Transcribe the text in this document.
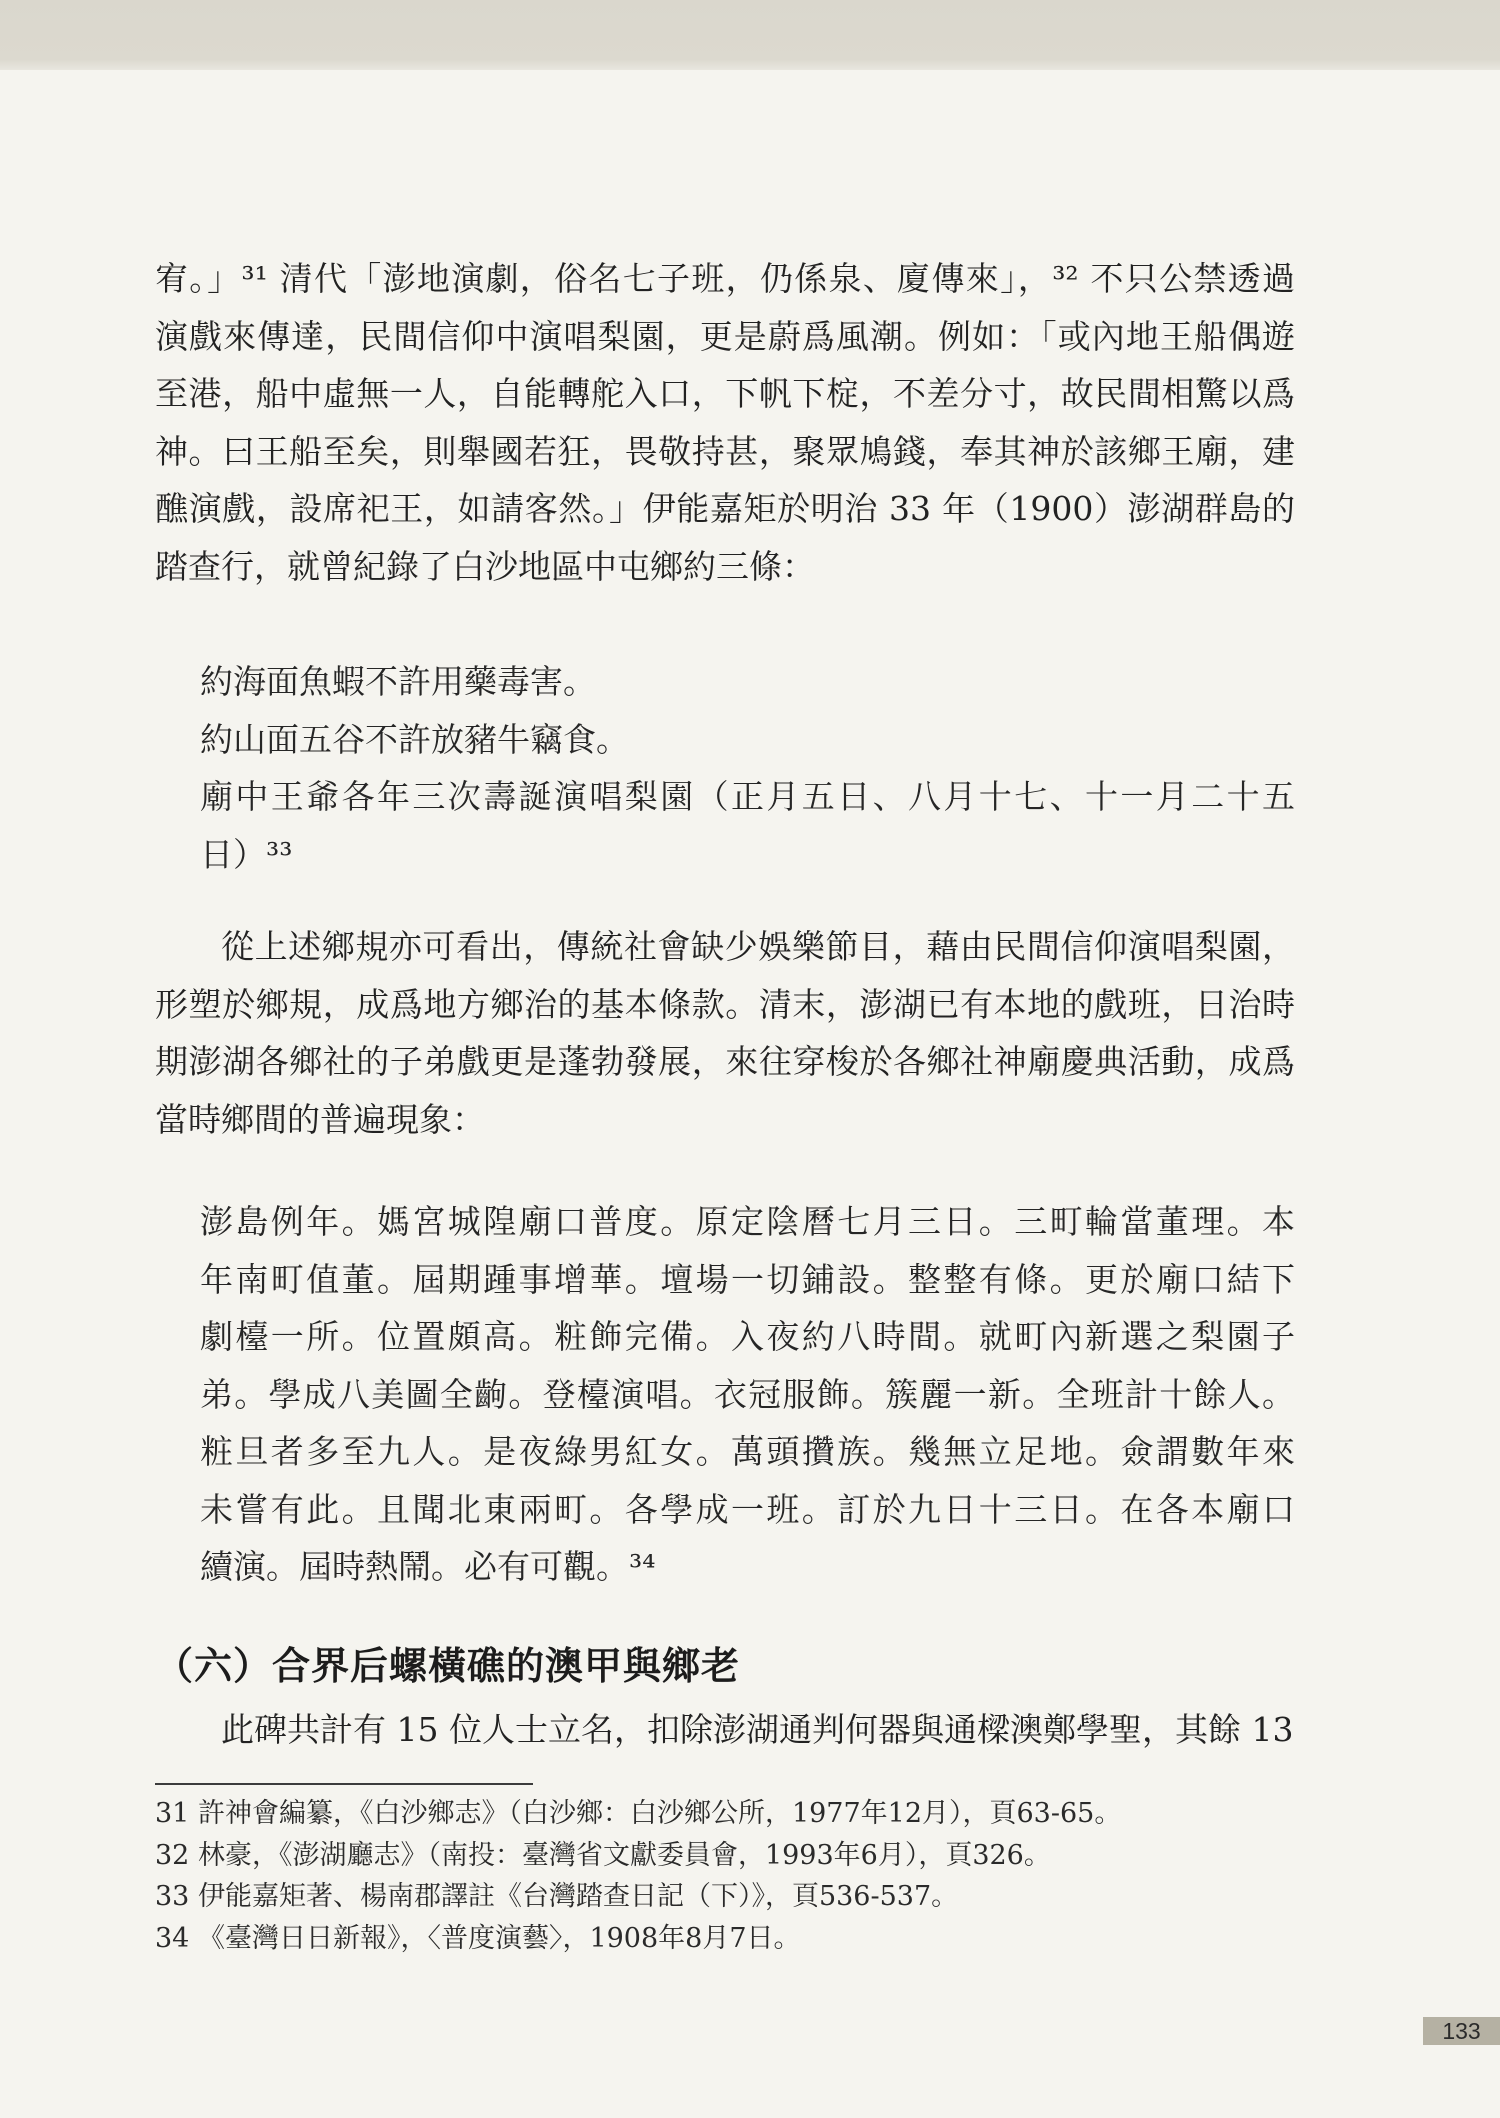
宥。」³¹ 清代「澎地演劇，俗名七子班，仍係泉、廈傳來」，³² 不只公禁透過
演戲來傳達，民間信仰中演唱梨園，更是蔚爲風潮。例如：「或內地王船偶遊
至港，船中虛無一人，自能轉舵入口，下帆下椗，不差分寸，故民間相驚以爲
神。曰王船至矣，則舉國若狂，畏敬持甚，聚眾鳩錢，奉其神於該鄉王廟，建
醮演戲，設席祀王，如請客然。」伊能嘉矩於明治 33 年（1900）澎湖群島的
踏查行，就曾紀錄了白沙地區中屯鄉約三條：
約海面魚蝦不許用藥毒害。
約山面五谷不許放豬牛竊食。
廟中王爺各年三次壽誕演唱梨園（正月五日、八月十七、十一月二十五
日）³³
從上述鄉規亦可看出，傳統社會缺少娛樂節目，藉由民間信仰演唱梨園，
形塑於鄉規，成爲地方鄉治的基本條款。清末，澎湖已有本地的戲班，日治時
期澎湖各鄉社的子弟戲更是蓬勃發展，來往穿梭於各鄉社神廟慶典活動，成爲
當時鄉間的普遍現象：
澎島例年。媽宮城隍廟口普度。原定陰曆七月三日。三町輪當董理。本
年南町值董。屆期踵事增華。壇場一切鋪設。整整有條。更於廟口結下
劇檯一所。位置頗高。粧飾完備。入夜約八時間。就町內新選之梨園子
弟。學成八美圖全齣。登檯演唱。衣冠服飾。簇麗一新。全班計十餘人。
粧旦者多至九人。是夜綠男紅女。萬頭攢族。幾無立足地。僉謂數年來
未嘗有此。且聞北東兩町。各學成一班。訂於九日十三日。在各本廟口
續演。屆時熱鬧。必有可觀。³⁴
（六）合界后螺橫礁的澳甲與鄉老
此碑共計有 15 位人士立名，扣除澎湖通判何器與通樑澳鄭學聖，其餘 13
31 許神會編纂，《白沙鄉志》（白沙鄉：白沙鄉公所，1977年12月），頁63-65。
32 林豪，《澎湖廳志》（南投：臺灣省文獻委員會，1993年6月），頁326。
33 伊能嘉矩著、楊南郡譯註《台灣踏查日記（下）》，頁536-537。
34 《臺灣日日新報》，〈普度演藝〉，1908年8月7日。
133
